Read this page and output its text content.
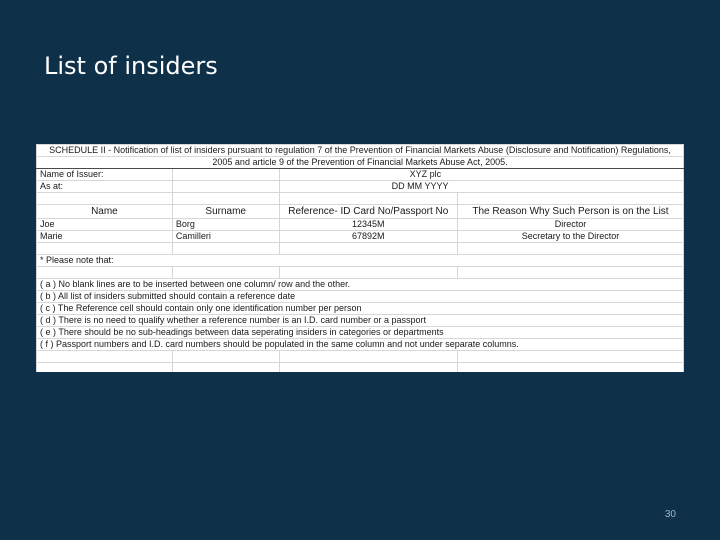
List of insiders
SCHEDULE II - Notification of list of insiders pursuant to regulation 7 of the Prevention of Financial Markets Abuse (Disclosure and Notification) Regulations,			
2005 and article 9 of the Prevention of Financial Markets Abuse Act, 2005.			
Name of Issuer:		XYZ plc	
As at:		DD MM YYYY	

Name	Surname	Reference- ID Card No/Passport No	The Reason Why Such Person is on the List
Joe	Borg	12345M	Director
Marie	Camilleri	67892M	Secretary to the Director

* Please note that:			

( a ) No blank lines are to be inserted between one column/ row and the other.			
( b ) All list of insiders submitted should contain a reference date			
( c ) The Reference cell should contain only one identification number per person			
( d ) There is no need to qualify whether a reference number is an I.D. card number or a passport			
( e ) There should be no sub-headings between data seperating insiders in categories or departments			
( f ) Passport numbers and I.D. card numbers should be populated in the same column and not under separate columns.			

30
